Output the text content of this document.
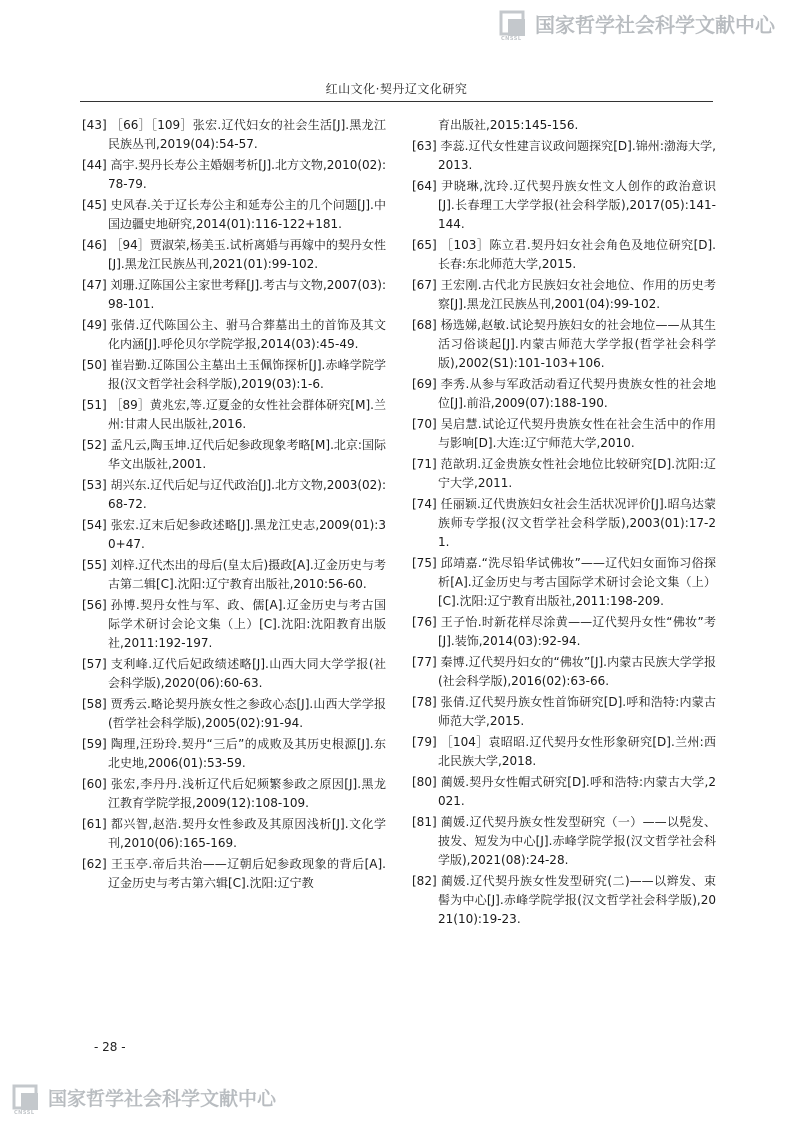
CNSSL
国家哲学社会科学文献中心
红山文化·契丹辽文化研究

[43] ［66］［109］张宏.辽代妇女的社会生活[J].黑龙江民族丛刊,2019(04):54-57.

[44] 高宇.契丹长寿公主婚姻考析[J].北方文物,2010(02):78-79.

[45] 史风春.关于辽长寿公主和延寿公主的几个问题[J].中国边疆史地研究,2014(01):116-122+181.

[46] ［94］贾淑荣,杨美玉.试析离婚与再嫁中的契丹女性[J].黑龙江民族丛刊,2021(01):99-102.

[47] 刘珊.辽陈国公主家世考释[J].考古与文物,2007(03):98-101.

[49] 张倩.辽代陈国公主、驸马合葬墓出土的首饰及其文化内涵[J].呼伦贝尔学院学报,2014(03):45-49.

[50] 崔岩勤.辽陈国公主墓出土玉佩饰探析[J].赤峰学院学报(汉文哲学社会科学版),2019(03):1-6.

[51] ［89］黄兆宏,等.辽夏金的女性社会群体研究[M].兰州:甘肃人民出版社,2016.

[52] 孟凡云,陶玉坤.辽代后妃参政现象考略[M].北京:国际华文出版社,2001.

[53] 胡兴东.辽代后妃与辽代政治[J].北方文物,2003(02):68-72.

[54] 张宏.辽末后妃参政述略[J].黑龙江史志,2009(01):30+47.

[55] 刘梓.辽代杰出的母后(皇太后)摄政[A].辽金历史与考古第二辑[C].沈阳:辽宁教育出版社,2010:56-60.

[56] 孙博.契丹女性与军、政、儒[A].辽金历史与考古国际学术研讨会论文集（上）[C].沈阳:沈阳教育出版社,2011:192-197.

[57] 支利峰.辽代后妃政绩述略[J].山西大同大学学报(社会科学版),2020(06):60-63.

[58] 贾秀云.略论契丹族女性之参政心态[J].山西大学学报(哲学社会科学版),2005(02):91-94.

[59] 陶理,汪玢玲.契丹“三后”的成败及其历史根源[J].东北史地,2006(01):53-59.

[60] 张宏,李丹丹.浅析辽代后妃频繁参政之原因[J].黑龙江教育学院学报,2009(12):108-109.

[61] 都兴智,赵浩.契丹女性参政及其原因浅析[J].文化学刊,2010(06):165-169.

[62] 王玉亭.帝后共治——辽朝后妃参政现象的背后[A].辽金历史与考古第六辑[C].沈阳:辽宁教

育出版社,2015:145-156.

[63] 李蕊.辽代女性建言议政问题探究[D].锦州:渤海大学,2013.

[64] 尹晓琳,沈玲.辽代契丹族女性文人创作的政治意识[J].长春理工大学学报(社会科学版),2017(05):141-144.

[65] ［103］陈立君.契丹妇女社会角色及地位研究[D].长春:东北师范大学,2015.

[67] 王宏刚.古代北方民族妇女社会地位、作用的历史考察[J].黑龙江民族丛刊,2001(04):99-102.

[68] 杨选娣,赵敏.试论契丹族妇女的社会地位——从其生活习俗谈起[J].内蒙古师范大学学报(哲学社会科学版),2002(S1):101-103+106.

[69] 李秀.从参与军政活动看辽代契丹贵族女性的社会地位[J].前沿,2009(07):188-190.

[70] 吴启慧.试论辽代契丹贵族女性在社会生活中的作用与影响[D].大连:辽宁师范大学,2010.

[71] 范歆玥.辽金贵族女性社会地位比较研究[D].沈阳:辽宁大学,2011.

[74] 任丽颖.辽代贵族妇女社会生活状况评价[J].昭乌达蒙族师专学报(汉文哲学社会科学版),2003(01):17-21.

[75] 邱靖嘉.“洗尽铅华试佛妆”——辽代妇女面饰习俗探析[A].辽金历史与考古国际学术研讨会论文集（上）[C].沈阳:辽宁教育出版社,2011:198-209.

[76] 王子怡.时新花样尽涂黄——辽代契丹女性“佛妆”考[J].装饰,2014(03):92-94.

[77] 秦博.辽代契丹妇女的“佛妆”[J].内蒙古民族大学学报(社会科学版),2016(02):63-66.

[78] 张倩.辽代契丹族女性首饰研究[D].呼和浩特:内蒙古师范大学,2015.

[79] ［104］袁昭昭.辽代契丹女性形象研究[D].兰州:西北民族大学,2018.

[80] 蔺媛.契丹女性帽式研究[D].呼和浩特:内蒙古大学,2021.

[81] 蔺媛.辽代契丹族女性发型研究（一）——以髡发、披发、短发为中心[J].赤峰学院学报(汉文哲学社会科学版),2021(08):24-28.

[82] 蔺媛.辽代契丹族女性发型研究(二)——以辫发、束髻为中心[J].赤峰学院学报(汉文哲学社会科学版),2021(10):19-23.

- 28 -
CNSSL
国家哲学社会科学文献中心
